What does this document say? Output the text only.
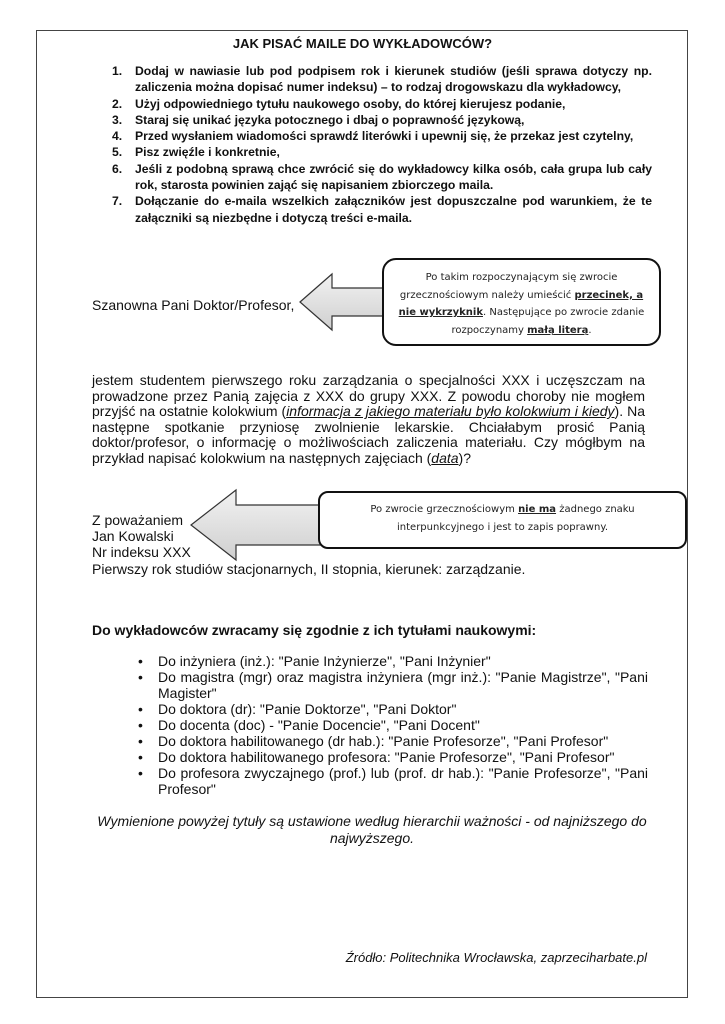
JAK PISAĆ MAILE DO WYKŁADOWCÓW?
1.	Dodaj w nawiasie lub pod podpisem rok i kierunek studiów (jeśli sprawa dotyczy np. zaliczenia można dopisać numer indeksu) – to rodzaj drogowskazu dla wykładowcy,
2.	Użyj odpowiedniego tytułu naukowego osoby, do której kierujesz podanie,
3.	Staraj się unikać języka potocznego i dbaj o poprawność językową,
4.	Przed wysłaniem wiadomości sprawdź literówki i upewnij się, że przekaz jest czytelny,
5.	Pisz zwięźle i konkretnie,
6.	Jeśli z podobną sprawą chce zwrócić się do wykładowcy kilka osób, cała grupa lub cały rok, starosta powinien zająć się napisaniem zbiorczego maila.
7.	Dołączanie do e-maila wszelkich załączników jest dopuszczalne pod warunkiem, że te załączniki są niezbędne i dotyczą treści e-maila.
Szanowna Pani Doktor/Profesor,
Po takim rozpoczynającym się zwrocie grzecznościowym należy umieścić przecinek, a nie wykrzyknik. Następujące po zwrocie zdanie rozpoczynamy małą literą.

jestem studentem pierwszego roku zarządzania o specjalności XXX i uczęszczam na prowadzone przez Panią zajęcia z XXX do grupy XXX. Z powodu choroby nie mogłem przyjść na ostatnie kolokwium (informacja z jakiego materiału było kolokwium i kiedy). Na następne spotkanie przyniosę zwolnienie lekarskie. Chciałabym prosić Panią doktor/profesor, o informację o możliwościach zaliczenia materiału. Czy mógłbym na przykład napisać kolokwium na następnych zajęciach (data)?

Po zwrocie grzecznościowym nie ma żadnego znaku interpunkcyjnego i jest to zapis poprawny.
Z poważaniem
Jan Kowalski
Nr indeksu XXX
Pierwszy rok studiów stacjonarnych, II stopnia, kierunek: zarządzanie.
Do wykładowców zwracamy się zgodnie z ich tytułami naukowymi:
•	Do inżyniera (inż.): "Panie Inżynierze", "Pani Inżynier"
•	Do magistra (mgr) oraz magistra inżyniera (mgr inż.): "Panie Magistrze", "Pani Magister"
•	Do doktora (dr): "Panie Doktorze", "Pani Doktor"
•	Do docenta (doc) - "Panie Docencie", "Pani Docent"
•	Do doktora habilitowanego (dr hab.): "Panie Profesorze", "Pani Profesor"
•	Do doktora habilitowanego profesora: "Panie Profesorze", "Pani Profesor"
•	Do profesora zwyczajnego (prof.) lub (prof. dr hab.): "Panie Profesorze", "Pani Profesor"
Wymienione powyżej tytuły są ustawione według hierarchii ważności - od najniższego do najwyższego.
Źródło: Politechnika Wrocławska, zaprzeciharbate.pl
